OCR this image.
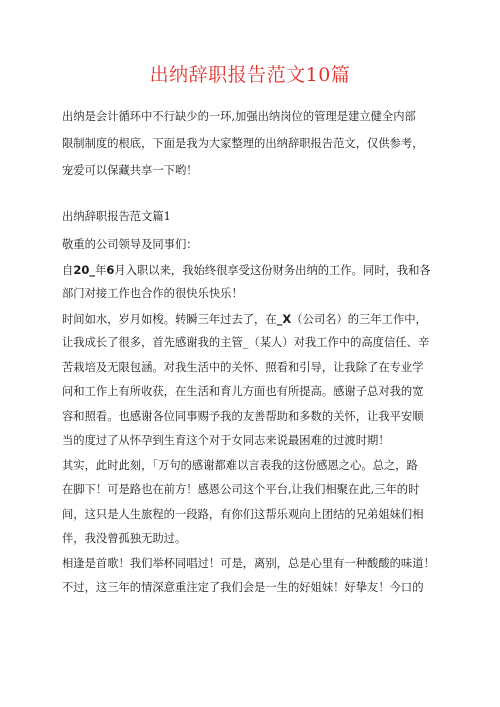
出纳辞职报告范文10篇
出纳是会计循环中不行缺少的一环,加强出纳岗位的管理是建立健全内部
限制制度的根底，下面是我为大家整理的出纳辞职报告范文，仅供参考，
宠爱可以保藏共享一下哟！
出纳辞职报告范文篇1
敬重的公司领导及同事们：
自20_年6月入职以来，我始终很享受这份财务出纳的工作。同时，我和各
部门对接工作也合作的很快乐快乐！
时间如水，岁月如梭。转瞬三年过去了，在_X（公司名）的三年工作中，
让我成长了很多，首先感谢我的主管_（某人）对我工作中的高度信任、辛
苦栽培及无限包涵。对我生活中的关怀、照看和引导，让我除了在专业学
问和工作上有所收获，在生活和育儿方面也有所提高。感谢子总对我的宽
容和照看。也感谢各位同事赐予我的友善帮助和多数的关怀，让我平安顺
当的度过了从怀孕到生育这个对于女同志来说最困难的过渡时期！
其实，此时此刻，「万句的感谢都难以言表我的这份感恩之心。总之，路
在脚下！可是路也在前方！感恩公司这个平台,让我们相聚在此,三年的时
间，这只是人生旅程的一段路，有你们这帮乐观向上团结的兄弟姐妹们相
伴，我没曾孤独无助过。
相逢是首歌！我们举杯同唱过！可是，离别，总是心里有一种酸酸的味道！
不过，这三年的情深意重注定了我们会是一生的好姐妹！好挚友！今口的
